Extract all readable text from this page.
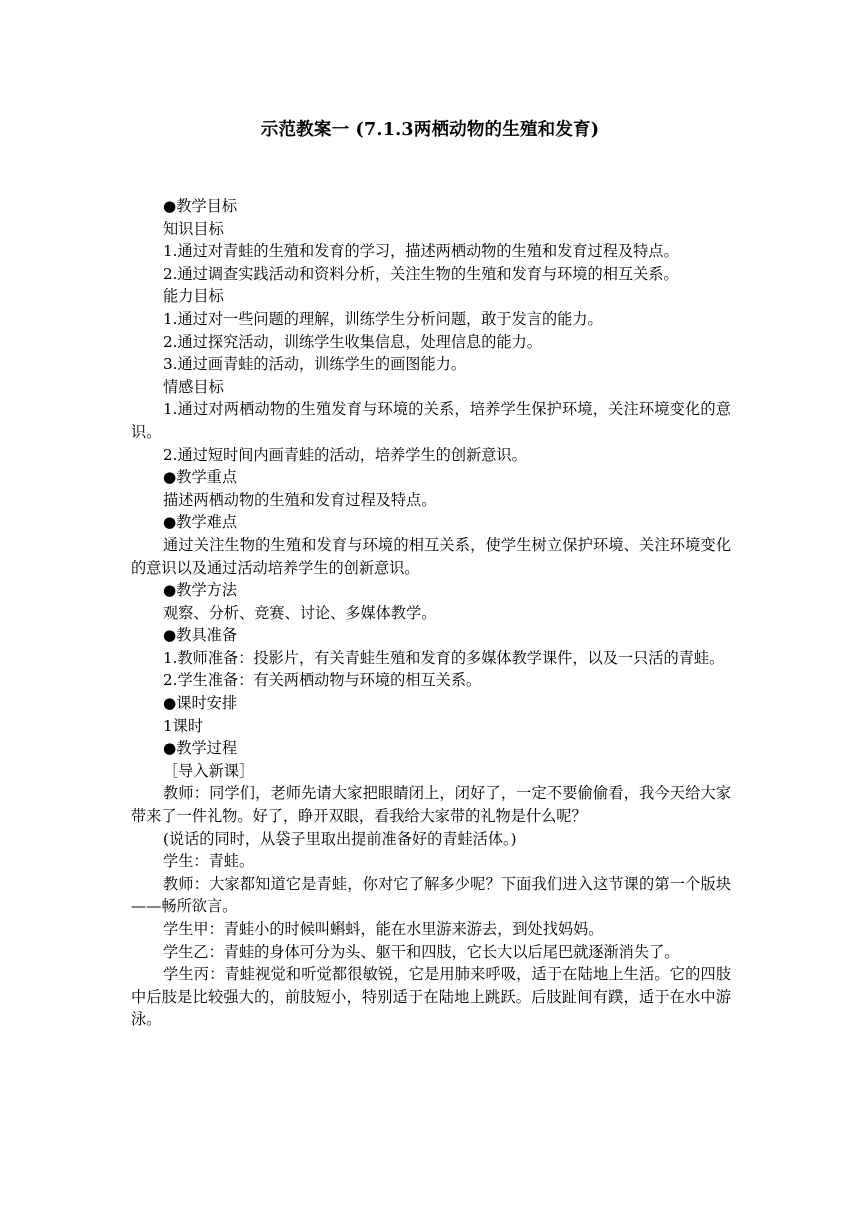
示范教案一 (7.1.3两栖动物的生殖和发育)

●教学目标

知识目标

1.通过对青蛙的生殖和发育的学习，描述两栖动物的生殖和发育过程及特点。

2.通过调查实践活动和资料分析，关注生物的生殖和发育与环境的相互关系。

能力目标

1.通过对一些问题的理解，训练学生分析问题，敢于发言的能力。

2.通过探究活动，训练学生收集信息，处理信息的能力。

3.通过画青蛙的活动，训练学生的画图能力。

情感目标

1.通过对两栖动物的生殖发育与环境的关系，培养学生保护环境，关注环境变化的意识。

2.通过短时间内画青蛙的活动，培养学生的创新意识。

●教学重点

描述两栖动物的生殖和发育过程及特点。

●教学难点

通过关注生物的生殖和发育与环境的相互关系，使学生树立保护环境、关注环境变化的意识以及通过活动培养学生的创新意识。

●教学方法

观察、分析、竞赛、讨论、多媒体教学。

●教具准备

1.教师准备：投影片，有关青蛙生殖和发育的多媒体教学课件，以及一只活的青蛙。

2.学生准备：有关两栖动物与环境的相互关系。

●课时安排

1课时

●教学过程

［导入新课］

教师：同学们，老师先请大家把眼睛闭上，闭好了，一定不要偷偷看，我今天给大家带来了一件礼物。好了，睁开双眼，看我给大家带的礼物是什么呢？

(说话的同时，从袋子里取出提前准备好的青蛙活体。)

学生：青蛙。

教师：大家都知道它是青蛙，你对它了解多少呢？下面我们进入这节课的第一个版块——畅所欲言。

学生甲：青蛙小的时候叫蝌蚪，能在水里游来游去，到处找妈妈。

学生乙：青蛙的身体可分为头、躯干和四肢，它长大以后尾巴就逐渐消失了。

学生丙：青蛙视觉和听觉都很敏锐，它是用肺来呼吸，适于在陆地上生活。它的四肢中后肢是比较强大的，前肢短小，特别适于在陆地上跳跃。后肢趾间有蹼，适于在水中游泳。
